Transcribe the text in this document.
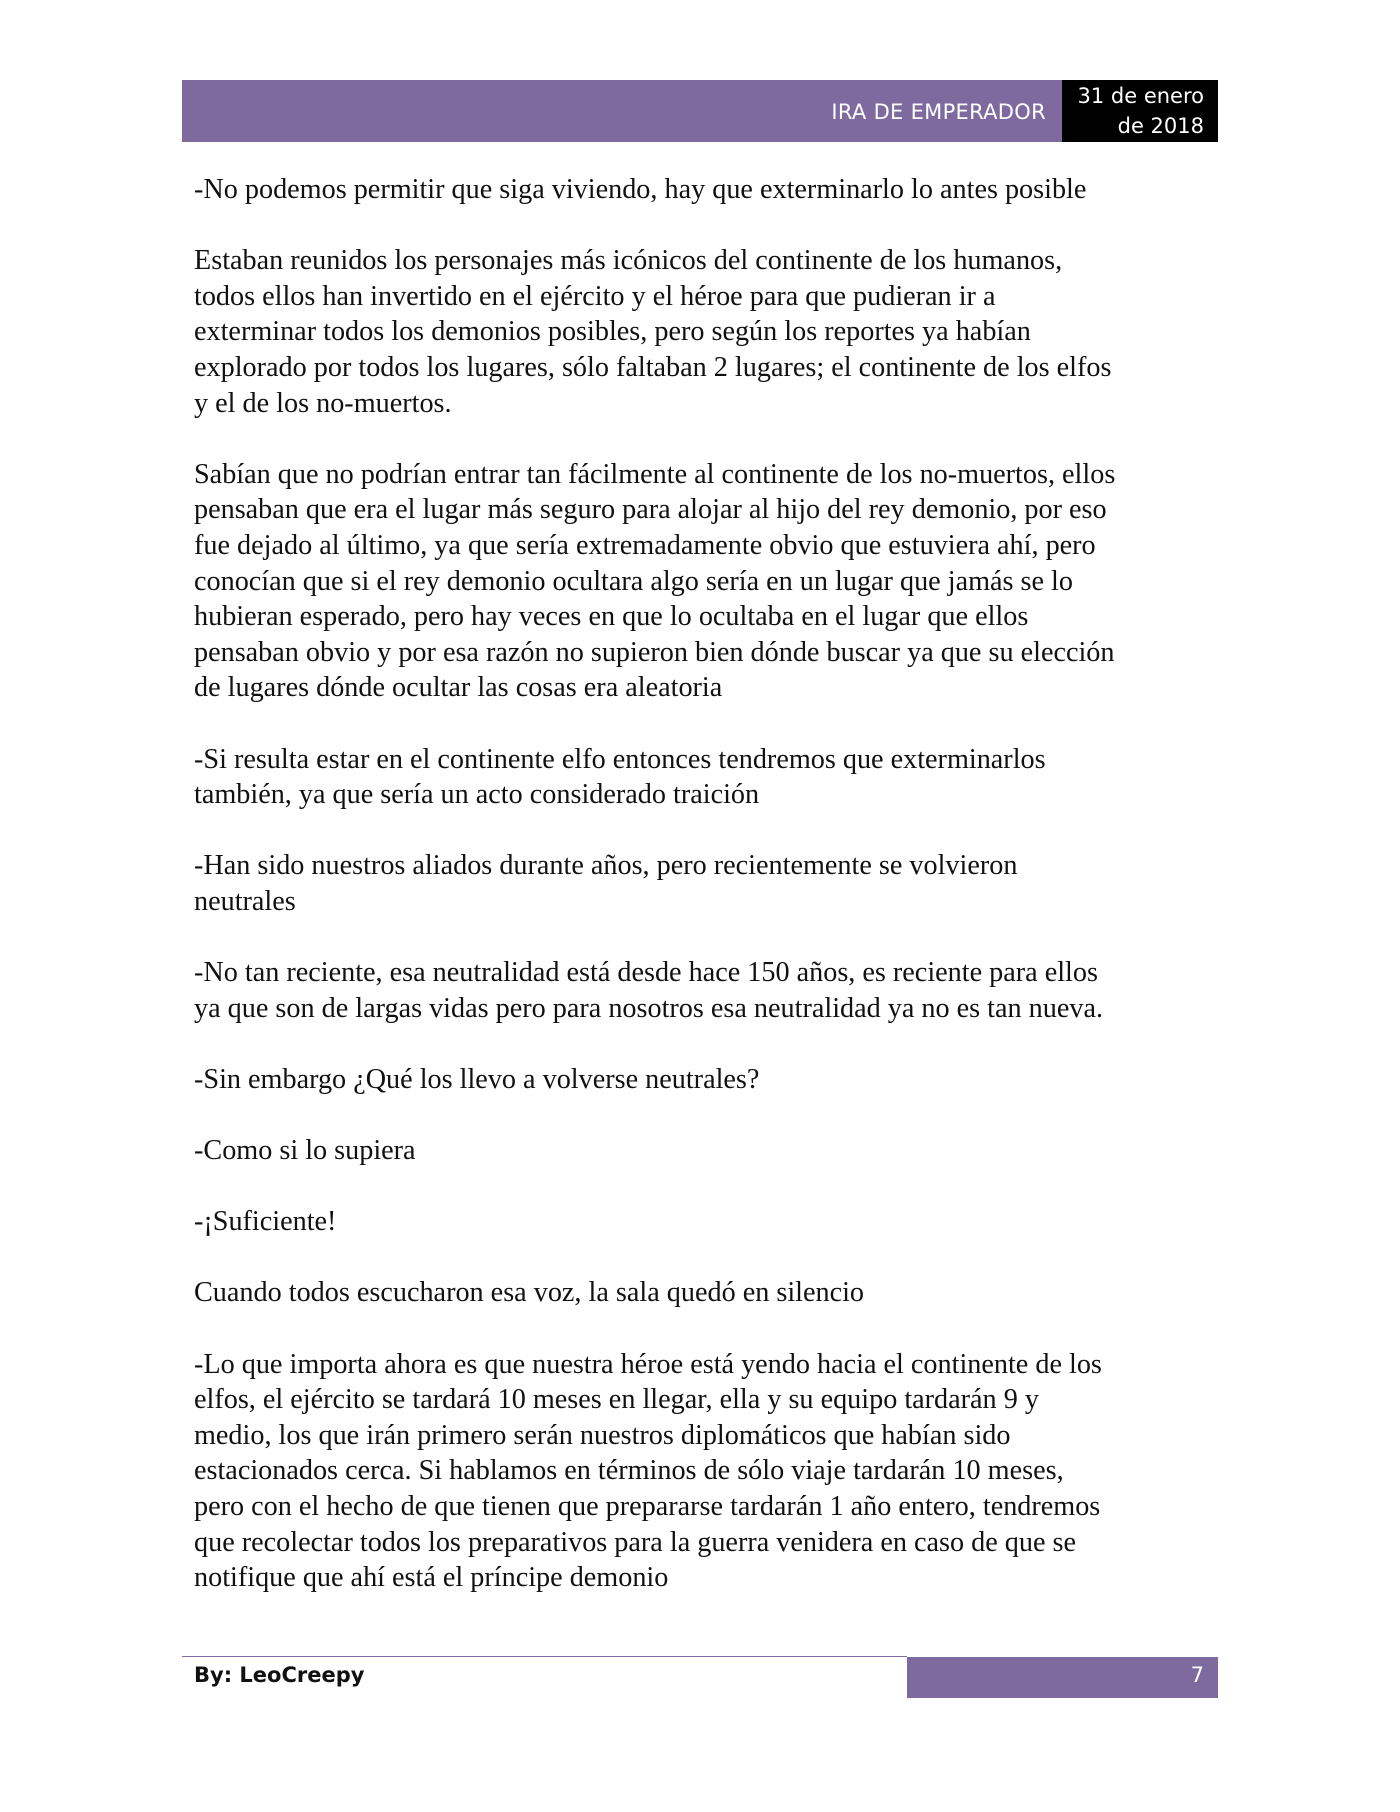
IRA DE EMPERADOR
31 de enero
de 2018

-No podemos permitir que siga viviendo, hay que exterminarlo lo antes posible

Estaban reunidos los personajes más icónicos del continente de los humanos,
todos ellos han invertido en el ejército y el héroe para que pudieran ir a
exterminar todos los demonios posibles, pero según los reportes ya habían
explorado por todos los lugares, sólo faltaban 2 lugares; el continente de los elfos
y el de los no-muertos.

Sabían que no podrían entrar tan fácilmente al continente de los no-muertos, ellos
pensaban que era el lugar más seguro para alojar al hijo del rey demonio, por eso
fue dejado al último, ya que sería extremadamente obvio que estuviera ahí, pero
conocían que si el rey demonio ocultara algo sería en un lugar que jamás se lo
hubieran esperado, pero hay veces en que lo ocultaba en el lugar que ellos
pensaban obvio y por esa razón no supieron bien dónde buscar ya que su elección
de lugares dónde ocultar las cosas era aleatoria

-Si resulta estar en el continente elfo entonces tendremos que exterminarlos
también, ya que sería un acto considerado traición

-Han sido nuestros aliados durante años, pero recientemente se volvieron
neutrales

-No tan reciente, esa neutralidad está desde hace 150 años, es reciente para ellos
ya que son de largas vidas pero para nosotros esa neutralidad ya no es tan nueva.

-Sin embargo ¿Qué los llevo a volverse neutrales?

-Como si lo supiera

-¡Suficiente!

Cuando todos escucharon esa voz, la sala quedó en silencio

-Lo que importa ahora es que nuestra héroe está yendo hacia el continente de los
elfos, el ejército se tardará 10 meses en llegar, ella y su equipo tardarán 9 y
medio, los que irán primero serán nuestros diplomáticos que habían sido
estacionados cerca. Si hablamos en términos de sólo viaje tardarán 10 meses,
pero con el hecho de que tienen que prepararse tardarán 1 año entero, tendremos
que recolectar todos los preparativos para la guerra venidera en caso de que se
notifique que ahí está el príncipe demonio

By: LeoCreepy	7
